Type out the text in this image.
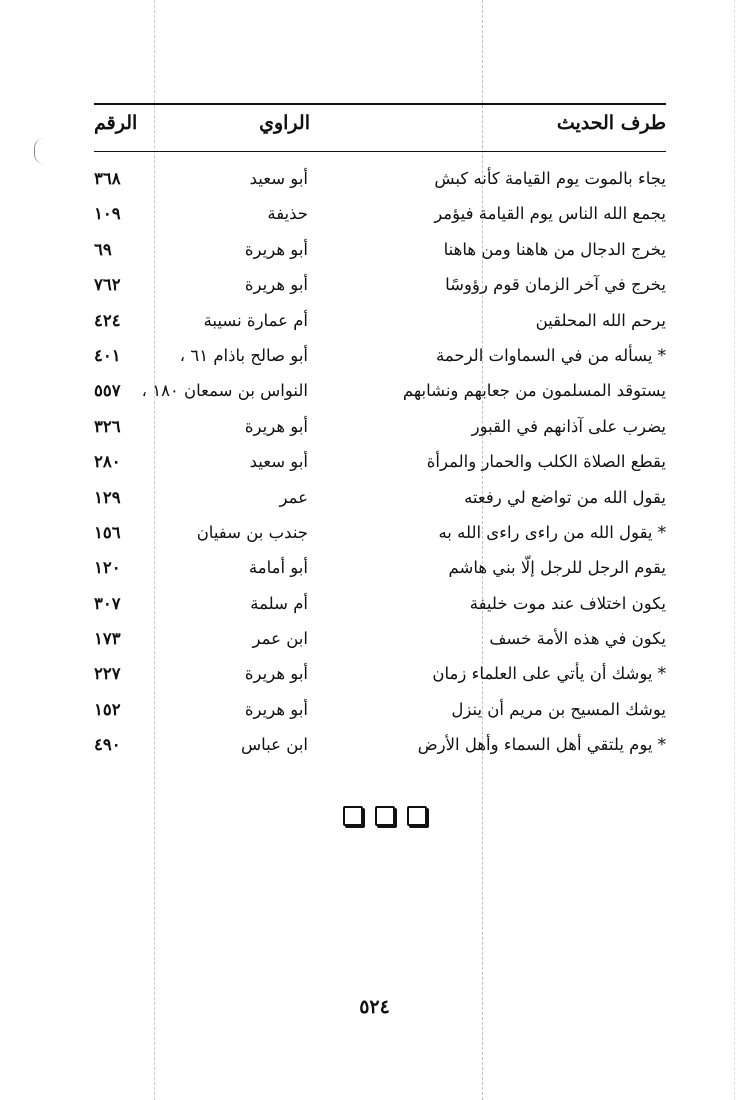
طرف الحديث
الراوي
الرقم
يجاء بالموت يوم القيامة كأنه كبش
أبو سعيد
٣٦٨
يجمع الله الناس يوم القيامة فيؤمر
حذيفة
١٠٩
يخرج الدجال من هاهنا ومن هاهنا
أبو هريرة
٦٩
يخرج في آخر الزمان قوم رؤوسًا
أبو هريرة
٧٦٢
يرحم الله المحلقين
أم عمارة نسيبة
٤٢٤
* يسأله من في السماوات الرحمة
أبو صالح باذام ٦١ ،
٤٠١
يستوقد المسلمون من جعابهم ونشابهم
النواس بن سمعان ١٨٠ ،
٥٥٧
يضرب على آذانهم في القبور
أبو هريرة
٣٢٦
يقطع الصلاة الكلب والحمار والمرأة
أبو سعيد
٢٨٠
يقول الله من تواضع لي رفعته
عمر
١٢٩
* يقول الله من راءى راءى الله به
جندب بن سفيان
١٥٦
يقوم الرجل للرجل إلّا بني هاشم
أبو أمامة
١٢٠
يكون اختلاف عند موت خليفة
أم سلمة
٣٠٧
يكون في هذه الأمة خسف
ابن عمر
١٧٣
* يوشك أن يأتي على العلماء زمان
أبو هريرة
٢٢٧
يوشك المسيح بن مريم أن ينزل
أبو هريرة
١٥٢
* يوم يلتقي أهل السماء وأهل الأرض
ابن عباس
٤٩٠
٥٢٤
